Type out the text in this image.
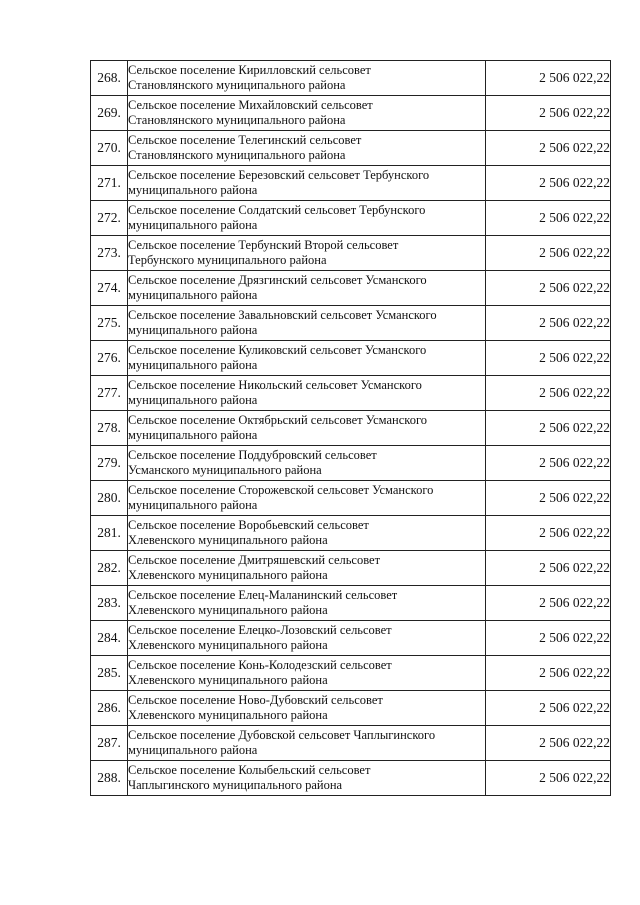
268.	Сельское поселение Кирилловский сельсовет
Становлянского муниципального района	2 506 022,22
269.	Сельское поселение Михайловский сельсовет
Становлянского муниципального района	2 506 022,22
270.	Сельское поселение Телегинский сельсовет
Становлянского муниципального района	2 506 022,22
271.	Сельское поселение Березовский сельсовет Тербунского
муниципального района	2 506 022,22
272.	Сельское поселение Солдатский сельсовет Тербунского
муниципального района	2 506 022,22
273.	Сельское поселение Тербунский Второй сельсовет
Тербунского муниципального района	2 506 022,22
274.	Сельское поселение Дрязгинский сельсовет Усманского
муниципального района	2 506 022,22
275.	Сельское поселение Завальновский сельсовет Усманского
муниципального района	2 506 022,22
276.	Сельское поселение Куликовский сельсовет Усманского
муниципального района	2 506 022,22
277.	Сельское поселение Никольский сельсовет Усманского
муниципального района	2 506 022,22
278.	Сельское поселение Октябрьский сельсовет Усманского
муниципального района	2 506 022,22
279.	Сельское поселение Поддубровский сельсовет
Усманского муниципального района	2 506 022,22
280.	Сельское поселение Сторожевской сельсовет Усманского
муниципального района	2 506 022,22
281.	Сельское поселение Воробьевский сельсовет
Хлевенского муниципального района	2 506 022,22
282.	Сельское поселение Дмитряшевский сельсовет
Хлевенского муниципального района	2 506 022,22
283.	Сельское поселение Елец-Маланинский сельсовет
Хлевенского муниципального района	2 506 022,22
284.	Сельское поселение Елецко-Лозовский сельсовет
Хлевенского муниципального района	2 506 022,22
285.	Сельское поселение Конь-Колодезский сельсовет
Хлевенского муниципального района	2 506 022,22
286.	Сельское поселение Ново-Дубовский сельсовет
Хлевенского муниципального района	2 506 022,22
287.	Сельское поселение Дубовской сельсовет Чаплыгинского
муниципального района	2 506 022,22
288.	Сельское поселение Колыбельский сельсовет
Чаплыгинского муниципального района	2 506 022,22
